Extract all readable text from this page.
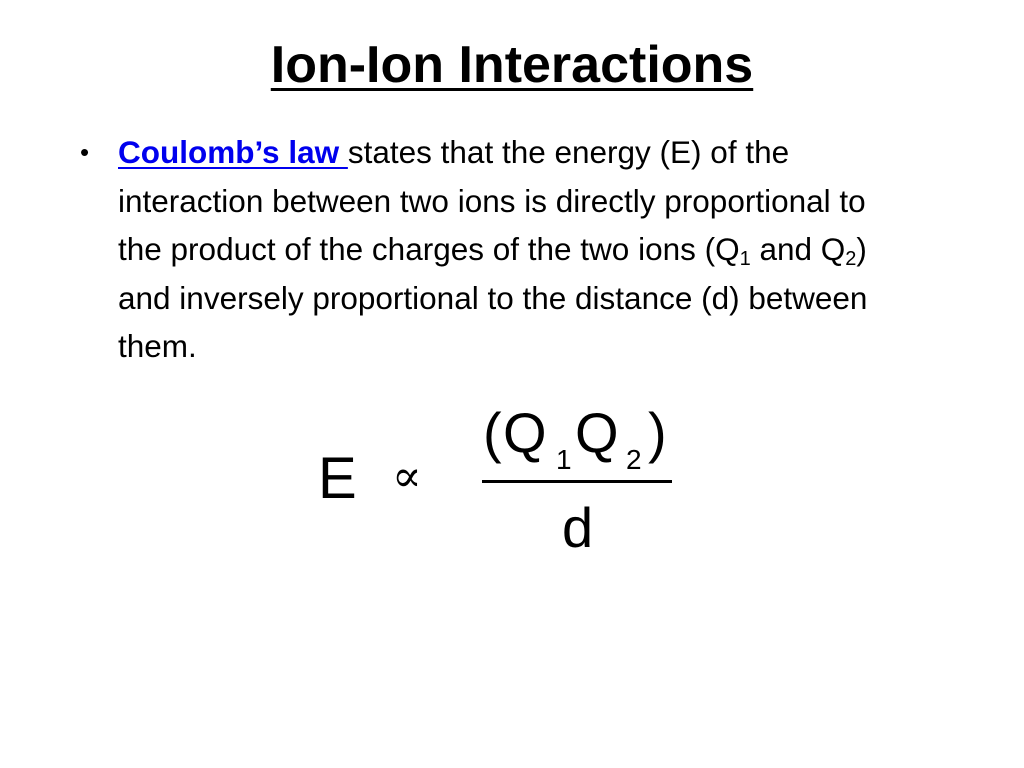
Ion-Ion Interactions
• Coulomb’s law states that the energy (E) of the interaction between two ions is directly proportional to the product of the charges of the two ions ($Q_1$ and $Q_2$) and inversely proportional to the distance (d) between them.
E ∝
( Q 1 Q 2 )
d
